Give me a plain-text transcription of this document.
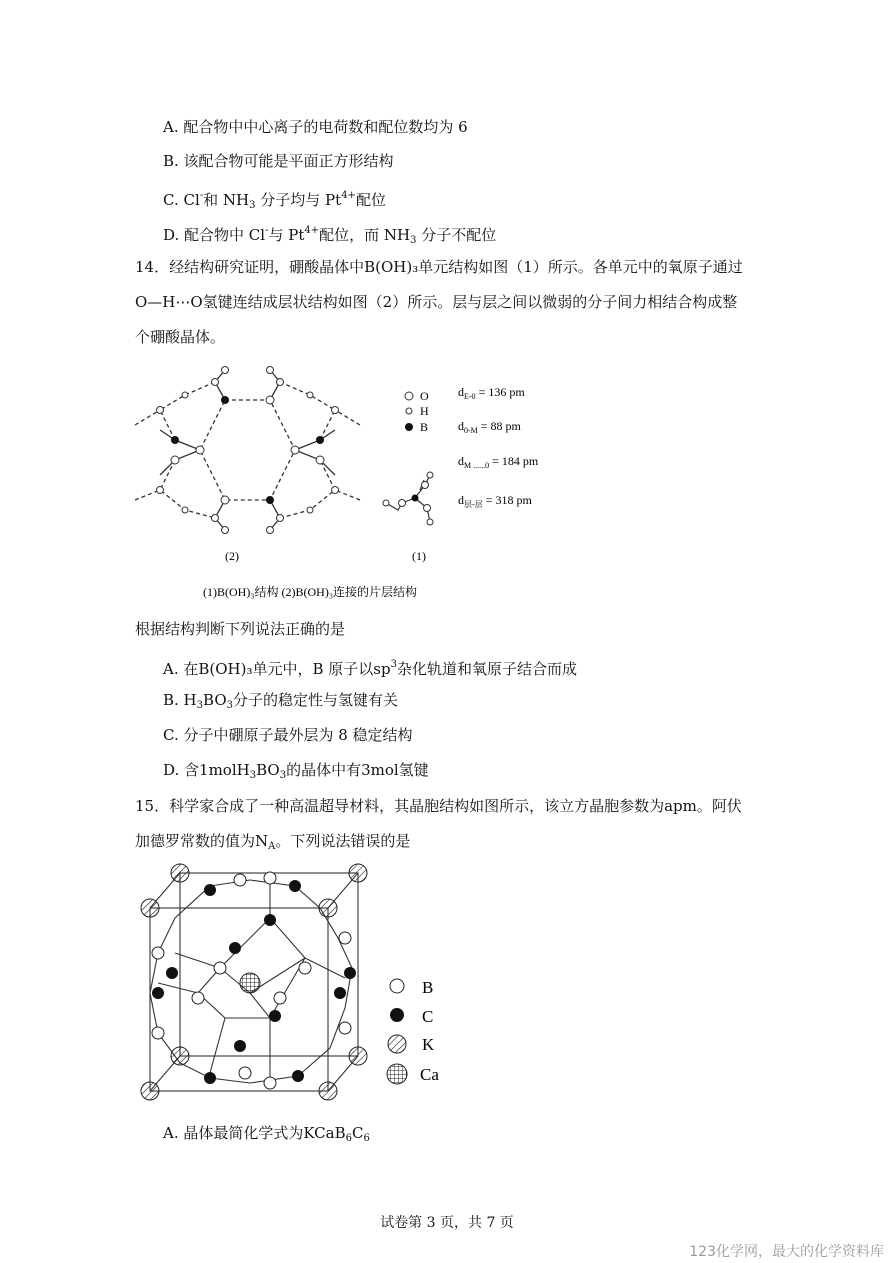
A. 配合物中中心离子的电荷数和配位数均为 6
B. 该配合物可能是平面正方形结构
C. Cl-和 $NH_3$ 分子均与 $Pt^{4+}$配位
D. 配合物中 Cl-与 $Pt^{4+}$配位，而 $NH_3$ 分子不配位
14．经结构研究证明，硼酸晶体中B(OH)₃单元结构如图（1）所示。各单元中的氧原子通过
O—H⋯O氢键连结成层状结构如图（2）所示。层与层之间以微弱的分子间力相结合构成整
个硼酸晶体。
(2)
O
H
B
$d_{E-0} = 136$ pm
$d_{0-M} = 88$ pm
$d_{M ......0} = 184$ pm
$d_{层-层} = 318$ pm
(1)
(1)B(OH)₃结构 (2)B(OH)₃连接的片层结构
根据结构判断下列说法正确的是
A. 在B(OH)₃单元中，B 原子以$sp^3$杂化轨道和氧原子结合而成
B. $H_3BO_3$分子的稳定性与氢键有关
C. 分子中硼原子最外层为 8 稳定结构
D. 含$1molH_3BO_3$的晶体中有3mol氢键
15．科学家合成了一种高温超导材料，其晶胞结构如图所示，该立方晶胞参数为apm。阿伏
加德罗常数的值为$N_A$。下列说法错误的是
B
C
K
Ca
A. 晶体最简化学式为$KCaB_6C_6$
试卷第 3 页，共 7 页
123化学网，最大的化学资料库
